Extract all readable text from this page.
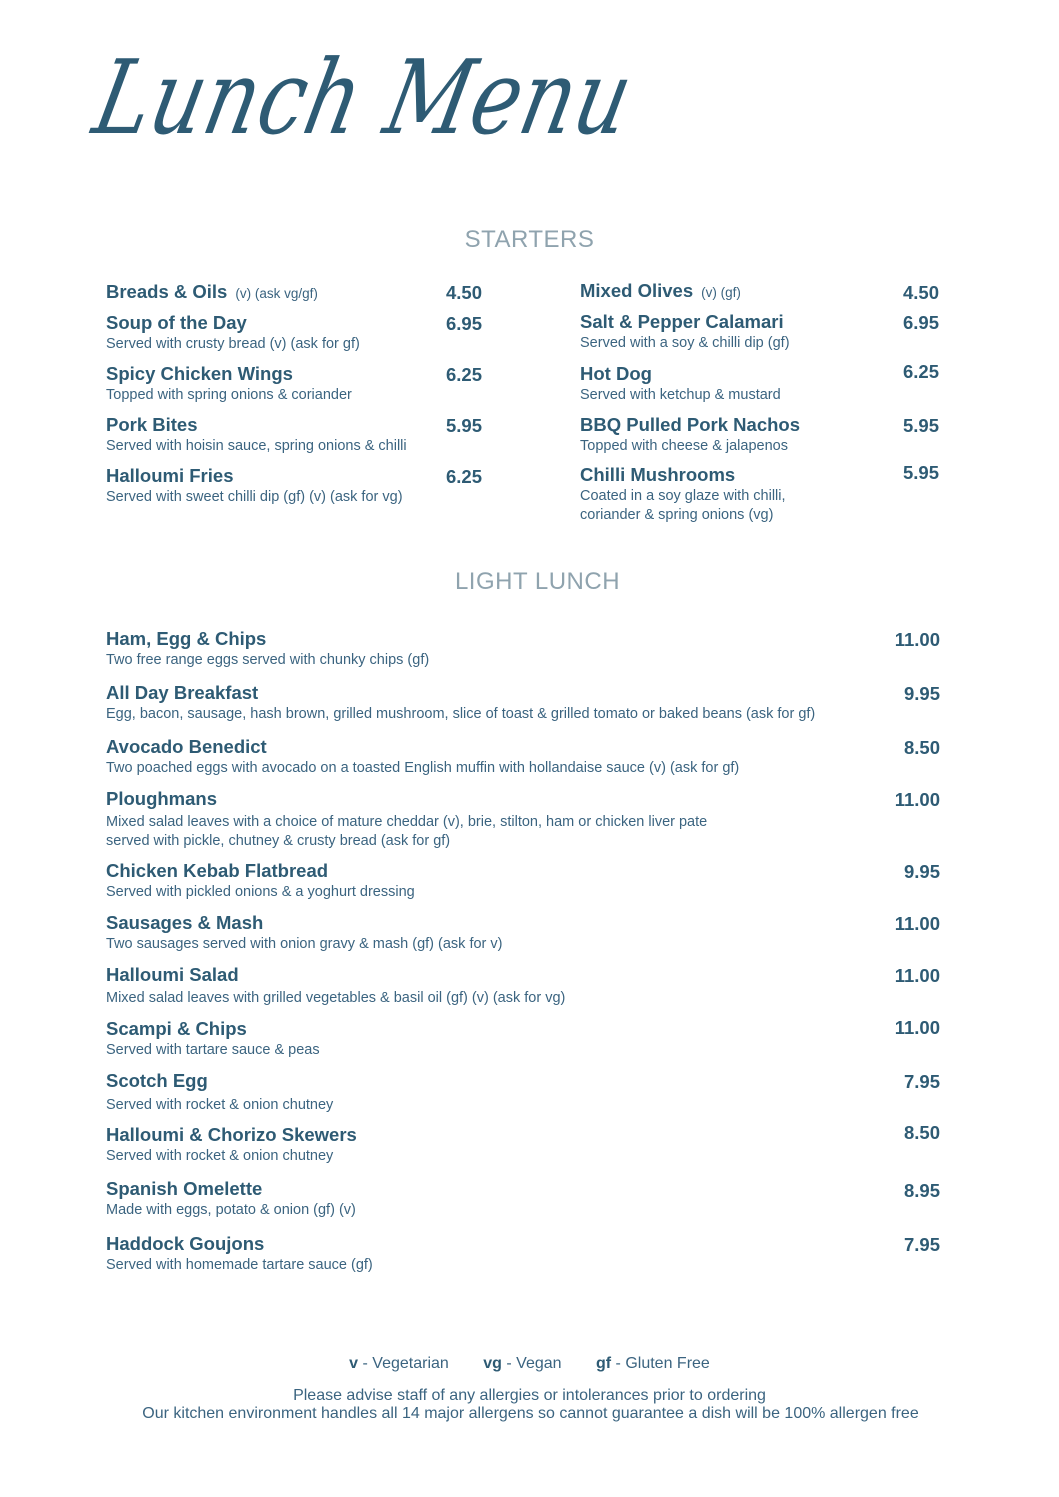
Lunch Menu
STARTERS
Breads & Oils (v) (ask vg/gf)	4.50
Soup of the Day
Served with crusty bread (v) (ask for gf)
6.95
Spicy Chicken Wings
Topped with spring onions & coriander
6.25
Pork Bites
Served with hoisin sauce, spring onions & chilli
5.95
Halloumi Fries
Served with sweet chilli dip (gf) (v) (ask for vg)
6.25
Mixed Olives (v) (gf)	4.50
Salt & Pepper Calamari
Served with a soy & chilli dip (gf)
6.95
Hot Dog
Served with ketchup & mustard
6.25
BBQ Pulled Pork Nachos
Topped with cheese & jalapenos
5.95
Chilli Mushrooms
Coated in a soy glaze with chilli,
coriander & spring onions (vg)
5.95
LIGHT LUNCH
Ham, Egg & Chips
Two free range eggs served with chunky chips (gf)
11.00
All Day Breakfast
Egg, bacon, sausage, hash brown, grilled mushroom, slice of toast & grilled tomato or baked beans (ask for gf)
9.95
Avocado Benedict
Two poached eggs with avocado on a toasted English muffin with hollandaise sauce (v) (ask for gf)
8.50
Ploughmans
Mixed salad leaves with a choice of mature cheddar (v), brie, stilton, ham or chicken liver pate
served with pickle, chutney & crusty bread (ask for gf)
11.00
Chicken Kebab Flatbread
Served with pickled onions & a yoghurt dressing
9.95
Sausages & Mash
Two sausages served with onion gravy & mash (gf) (ask for v)
11.00
Halloumi Salad
Mixed salad leaves with grilled vegetables & basil oil (gf) (v) (ask for vg)
11.00
Scampi & Chips
Served with tartare sauce & peas
11.00
Scotch Egg
Served with rocket & onion chutney
7.95
Halloumi & Chorizo Skewers
Served with rocket & onion chutney
8.50
Spanish Omelette
Made with eggs, potato & onion (gf) (v)
8.95
Haddock Goujons
Served with homemade tartare sauce (gf)
7.95
v - Vegetarian vg - Vegan gf - Gluten Free
Please advise staff of any allergies or intolerances prior to ordering
Our kitchen environment handles all 14 major allergens so cannot guarantee a dish will be 100% allergen free
